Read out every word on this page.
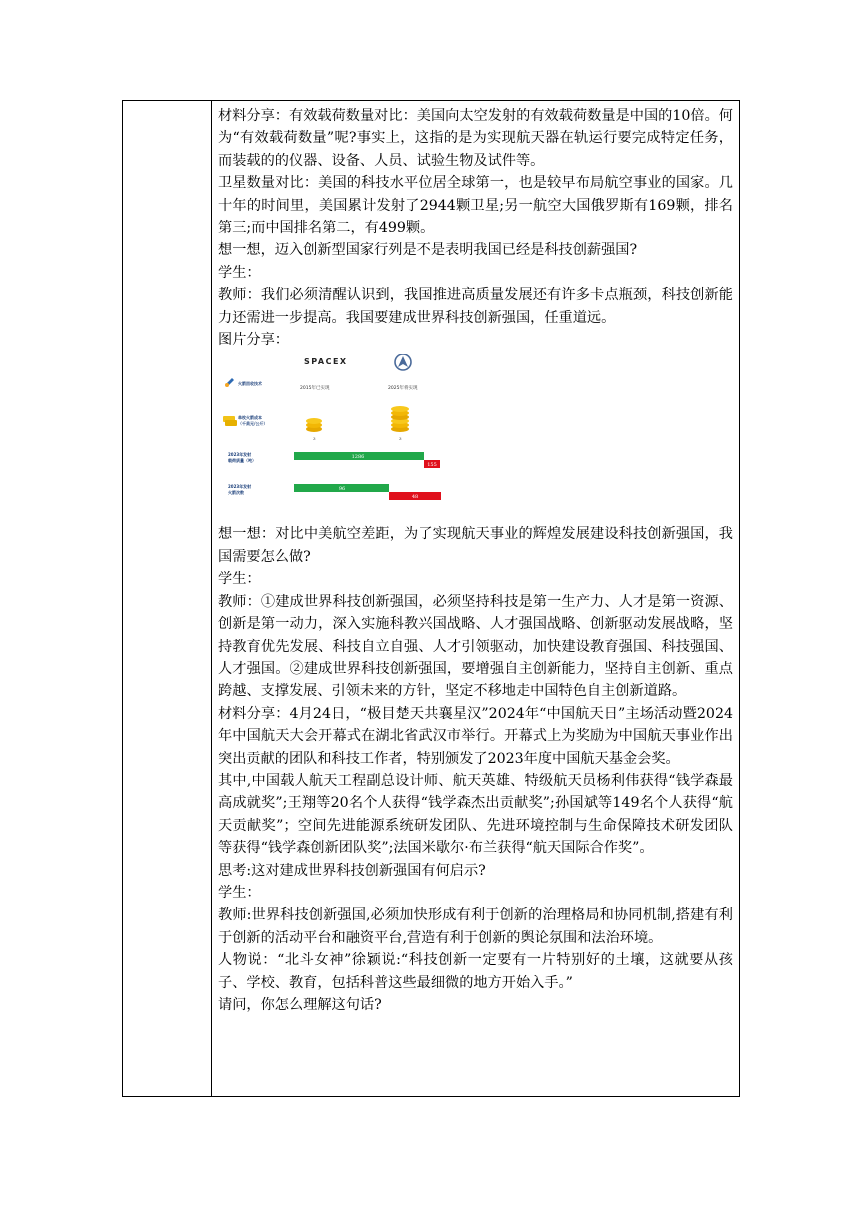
材料分享：有效载荷数量对比：美国向太空发射的有效载荷数量是中国的10倍。何为“有效载荷数量”呢?事实上，这指的是为实现航天器在轨运行要完成特定任务，而装载的的仪器、设备、人员、试验生物及试件等。

卫星数量对比：美国的科技水平位居全球第一，也是较早布局航空事业的国家。几十年的时间里，美国累计发射了2944颗卫星;另一航空大国俄罗斯有169颗，排名第三;而中国排名第二，有499颗。

想一想，迈入创新型国家行列是不是表明我国已经是科技创薪强国?

学生：

教师：我们必须清醒认识到，我国推进高质量发展还有许多卡点瓶颈，科技创新能力还需进一步提高。我国要建成世界科技创新强国，任重道远。

图片分享：

SPACEX
2015年已实现	2025年将实现
火箭回收技术
单枚火箭成本
（千美元/公斤）
3	3
2023年发射
载荷质量（吨）
1286
155
2023年发射
火箭次数
96
48

想一想：对比中美航空差距，为了实现航天事业的辉煌发展建设科技创新强国，我国需要怎么做?

学生：

教师：①建成世界科技创新强国，必须坚持科技是第一生产力、人才是第一资源、创新是第一动力，深入实施科教兴国战略、人才强国战略、创新驱动发展战略，坚持教育优先发展、科技自立自强、人才引领驱动，加快建设教育强国、科技强国、人才强国。②建成世界科技创新强国，要增强自主创新能力，坚持自主创新、重点跨越、支撑发展、引领未来的方针，坚定不移地走中国特色自主创新道路。

材料分享：4月24日，“极目楚天共襄星汉”2024年“中国航天日”主场活动暨2024年中国航天大会开幕式在湖北省武汉市举行。开幕式上为奖励为中国航天事业作出突出贡献的团队和科技工作者，特别颁发了2023年度中国航天基金会奖。

其中,中国载人航天工程副总设计师、航天英雄、特级航天员杨利伟获得“钱学森最高成就奖”;王翔等20名个人获得“钱学森杰出贡献奖”;孙国斌等149名个人获得“航天贡献奖”；空间先进能源系统研发团队、先进环境控制与生命保障技术研发团队等获得“钱学森创新团队奖”;法国米歇尔·布兰获得“航天国际合作奖”。

思考:这对建成世界科技创新强国有何启示?

学生：

教师:世界科技创新强国,必须加快形成有利于创新的治理格局和协同机制,搭建有利于创新的活动平台和融资平台,营造有利于创新的舆论氛围和法治环境。

人物说：“北斗女神”徐颖说:“科技创新一定要有一片特别好的土壤，这就要从孩子、学校、教育，包括科普这些最细微的地方开始入手。”

请问，你怎么理解这句话?
